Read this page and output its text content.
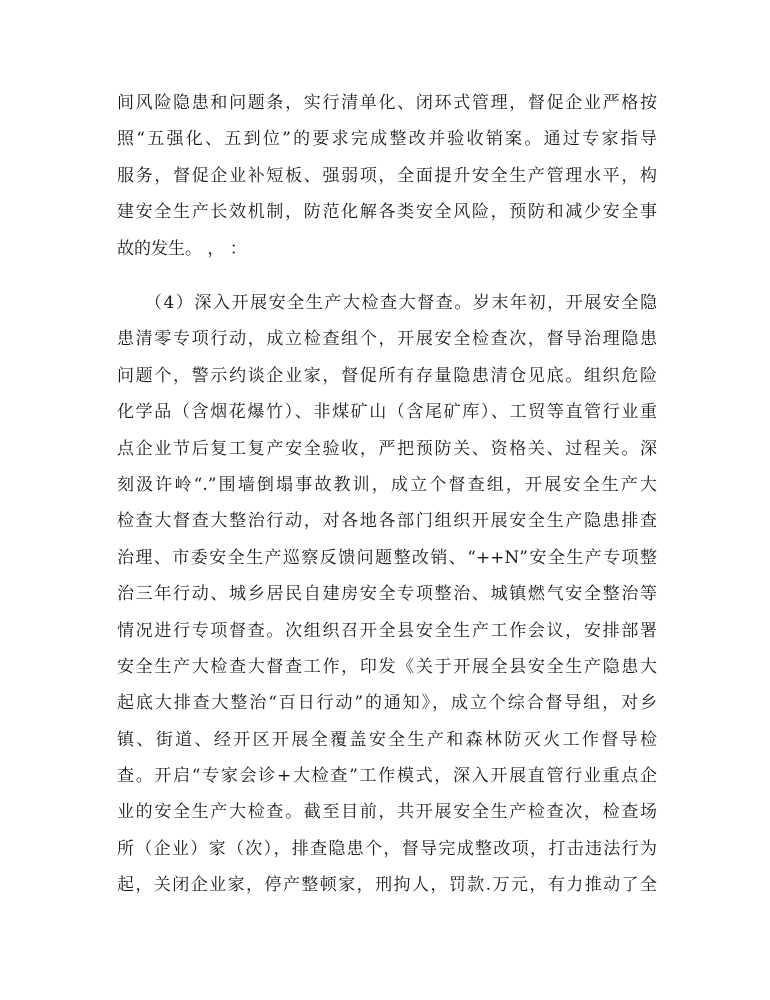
间风险隐患和问题条，实行清单化、闭环式管理，督促企业严格按
照“五强化、五到位”的要求完成整改并验收销案。通过专家指导
服务，督促企业补短板、强弱项，全面提升安全生产管理水平，构
建安全生产长效机制，防范化解各类安全风险，预防和减少安全事
故的发生。 ， ：
（4）深入开展安全生产大检查大督查。岁末年初，开展安全隐
患清零专项行动，成立检查组个，开展安全检查次，督导治理隐患
问题个，警示约谈企业家，督促所有存量隐患清仓见底。组织危险
化学品（含烟花爆竹）、非煤矿山（含尾矿库）、工贸等直管行业重
点企业节后复工复产安全验收，严把预防关、资格关、过程关。深
刻汲许岭“.”围墙倒塌事故教训，成立个督查组，开展安全生产大
检查大督查大整治行动，对各地各部门组织开展安全生产隐患排查
治理、市委安全生产巡察反馈问题整改销、“++N”安全生产专项整
治三年行动、城乡居民自建房安全专项整治、城镇燃气安全整治等
情况进行专项督查。次组织召开全县安全生产工作会议，安排部署
安全生产大检查大督查工作，印发《关于开展全县安全生产隐患大
起底大排查大整治“百日行动”的通知》，成立个综合督导组，对乡
镇、街道、经开区开展全覆盖安全生产和森林防灭火工作督导检
查。开启“专家会诊+大检查”工作模式，深入开展直管行业重点企
业的安全生产大检查。截至目前，共开展安全生产检查次，检查场
所（企业）家（次），排查隐患个，督导完成整改项，打击违法行为
起，关闭企业家，停产整顿家，刑拘人，罚款.万元，有力推动了全
